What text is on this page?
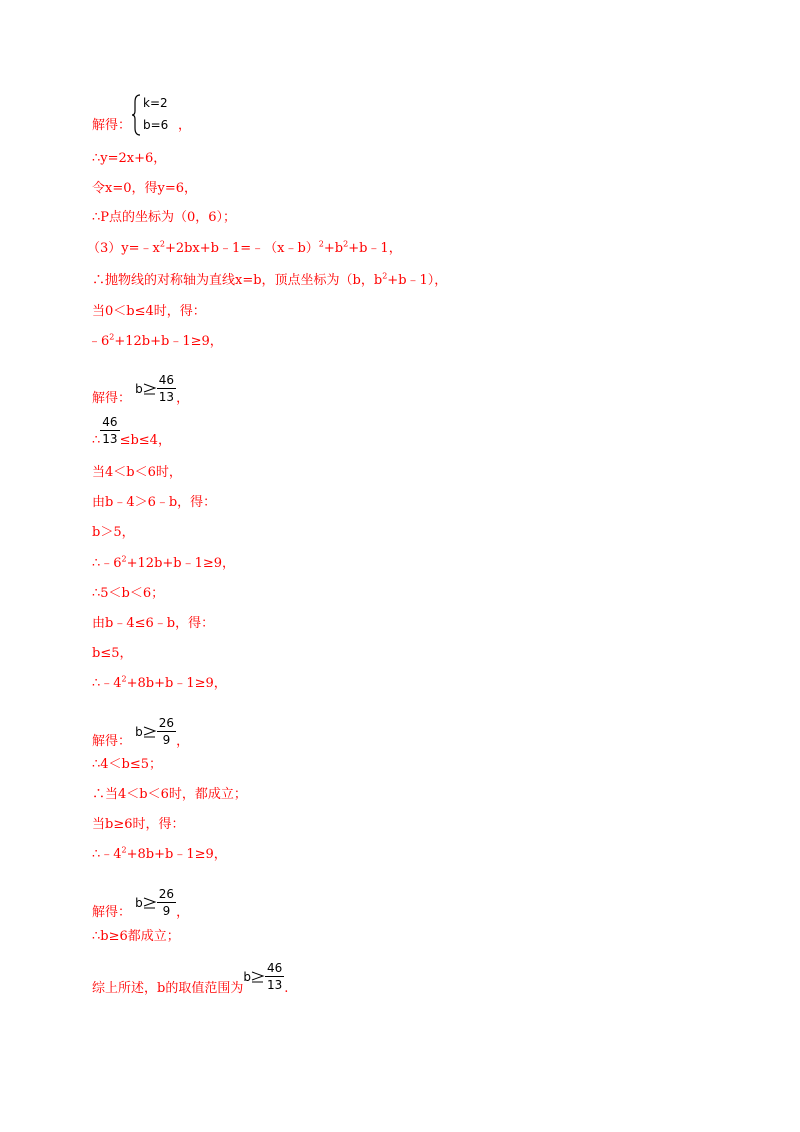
解得：
k=2
b=6 ，
∴y=2x+6，
令x=0，得y=6，
∴P点的坐标为（0，6）；
$(3)y=﹣x^2+2bx+b﹣1=﹣(x﹣b)^2+b^2+b﹣1$，
∴抛物线的对称轴为直线x=b，顶点坐标为（b，$b^2+b﹣1$），
当0＜b≤4时，得：
$﹣6^2+12b+b﹣1\ge 9$，
解得： b $\frac{46}{13}$ ，
∴ $\frac{46}{13} \le b\le 4$，
当4＜b＜6时，
由b﹣4＞6﹣b，得：
b＞5，
$\therefore﹣6^2+12b+b﹣1\ge 9$，
∴5＜b＜6；
由b﹣4≤6﹣b，得：
b≤5，
$\therefore﹣4^2+8b+b﹣1\ge 9$，
解得： b $\frac{26}{9}$ ，
∴4＜b≤5；
∴当4＜b＜6时，都成立；
当b≥6时，得：
$\therefore﹣4^2+8b+b﹣1\ge 9$，
解得： b $\frac{26}{9}$ ，
∴b≥6都成立；
综上所述，b的取值范围为b $\frac{46}{13}$ .
